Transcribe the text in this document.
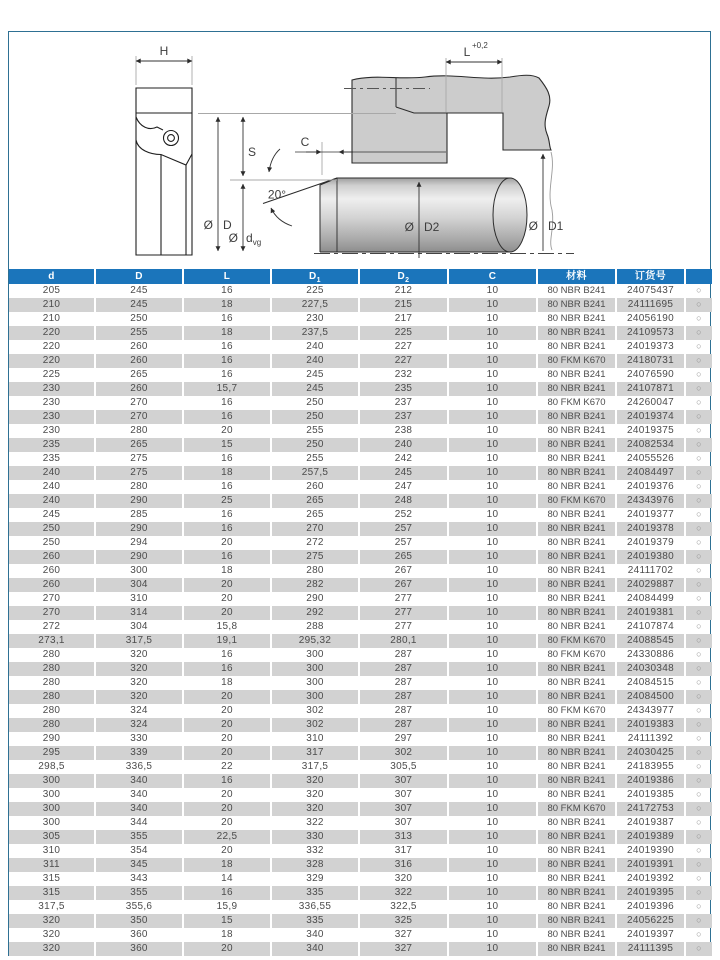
H
Ø D
S
Ø $d_{vg}$
C
20°
L +0,2
Ø D2	Ø D1
d	D	L	$D_1$	$D_2$	C	材料	订货号
205	245	16	225	212	10	80 NBR B241	24075437	○
210	245	18	227,5	215	10	80 NBR B241	24111695	○
210	250	16	230	217	10	80 NBR B241	24056190	○
220	255	18	237,5	225	10	80 NBR B241	24109573	○
220	260	16	240	227	10	80 NBR B241	24019373	○
220	260	16	240	227	10	80 FKM K670	24180731	○
225	265	16	245	232	10	80 NBR B241	24076590	○
230	260	15,7	245	235	10	80 NBR B241	24107871	○
230	270	16	250	237	10	80 FKM K670	24260047	○
230	270	16	250	237	10	80 NBR B241	24019374	○
230	280	20	255	238	10	80 NBR B241	24019375	○
235	265	15	250	240	10	80 NBR B241	24082534	○
235	275	16	255	242	10	80 NBR B241	24055526	○
240	275	18	257,5	245	10	80 NBR B241	24084497	○
240	280	16	260	247	10	80 NBR B241	24019376	○
240	290	25	265	248	10	80 FKM K670	24343976	○
245	285	16	265	252	10	80 NBR B241	24019377	○
250	290	16	270	257	10	80 NBR B241	24019378	○
250	294	20	272	257	10	80 NBR B241	24019379	○
260	290	16	275	265	10	80 NBR B241	24019380	○
260	300	18	280	267	10	80 NBR B241	24111702	○
260	304	20	282	267	10	80 NBR B241	24029887	○
270	310	20	290	277	10	80 NBR B241	24084499	○
270	314	20	292	277	10	80 NBR B241	24019381	○
272	304	15,8	288	277	10	80 NBR B241	24107874	○
273,1	317,5	19,1	295,32	280,1	10	80 FKM K670	24088545	○
280	320	16	300	287	10	80 FKM K670	24330886	○
280	320	16	300	287	10	80 NBR B241	24030348	○
280	320	18	300	287	10	80 NBR B241	24084515	○
280	320	20	300	287	10	80 NBR B241	24084500	○
280	324	20	302	287	10	80 FKM K670	24343977	○
280	324	20	302	287	10	80 NBR B241	24019383	○
290	330	20	310	297	10	80 NBR B241	24111392	○
295	339	20	317	302	10	80 NBR B241	24030425	○
298,5	336,5	22	317,5	305,5	10	80 NBR B241	24183955	○
300	340	16	320	307	10	80 NBR B241	24019386	○
300	340	20	320	307	10	80 NBR B241	24019385	○
300	340	20	320	307	10	80 FKM K670	24172753	○
300	344	20	322	307	10	80 NBR B241	24019387	○
305	355	22,5	330	313	10	80 NBR B241	24019389	○
310	354	20	332	317	10	80 NBR B241	24019390	○
311	345	18	328	316	10	80 NBR B241	24019391	○
315	343	14	329	320	10	80 NBR B241	24019392	○
315	355	16	335	322	10	80 NBR B241	24019395	○
317,5	355,6	15,9	336,55	322,5	10	80 NBR B241	24019396	○
320	350	15	335	325	10	80 NBR B241	24056225	○
320	360	18	340	327	10	80 NBR B241	24019397	○
320	360	20	340	327	10	80 NBR B241	24111395	○
